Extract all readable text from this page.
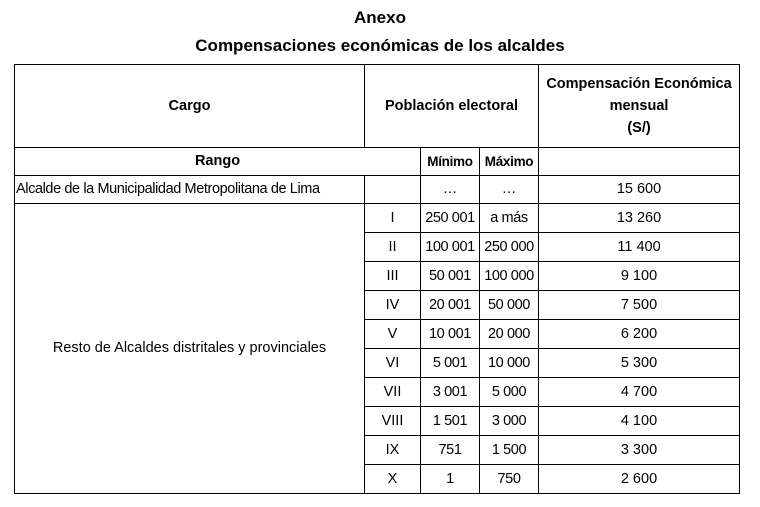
Anexo
Compensaciones económicas de los alcaldes
Cargo	Población electoral			Compensación Económica
mensual
(S/)

Rango		Mínimo	Máximo	
Alcalde de la Municipalidad Metropolitana de Lima		…	…	15 600
Resto de Alcaldes distritales y provinciales	I	250 001	a más	13 260
	II	100 001	250 000	11 400
	III	50 001	100 000	9 100
	IV	20 001	50 000	7 500
	V	10 001	20 000	6 200
	VI	5 001	10 000	5 300
	VII	3 001	5 000	4 700
	VIII	1 501	3 000	4 100
	IX	751	1 500	3 300
	X	1	750	2 600
